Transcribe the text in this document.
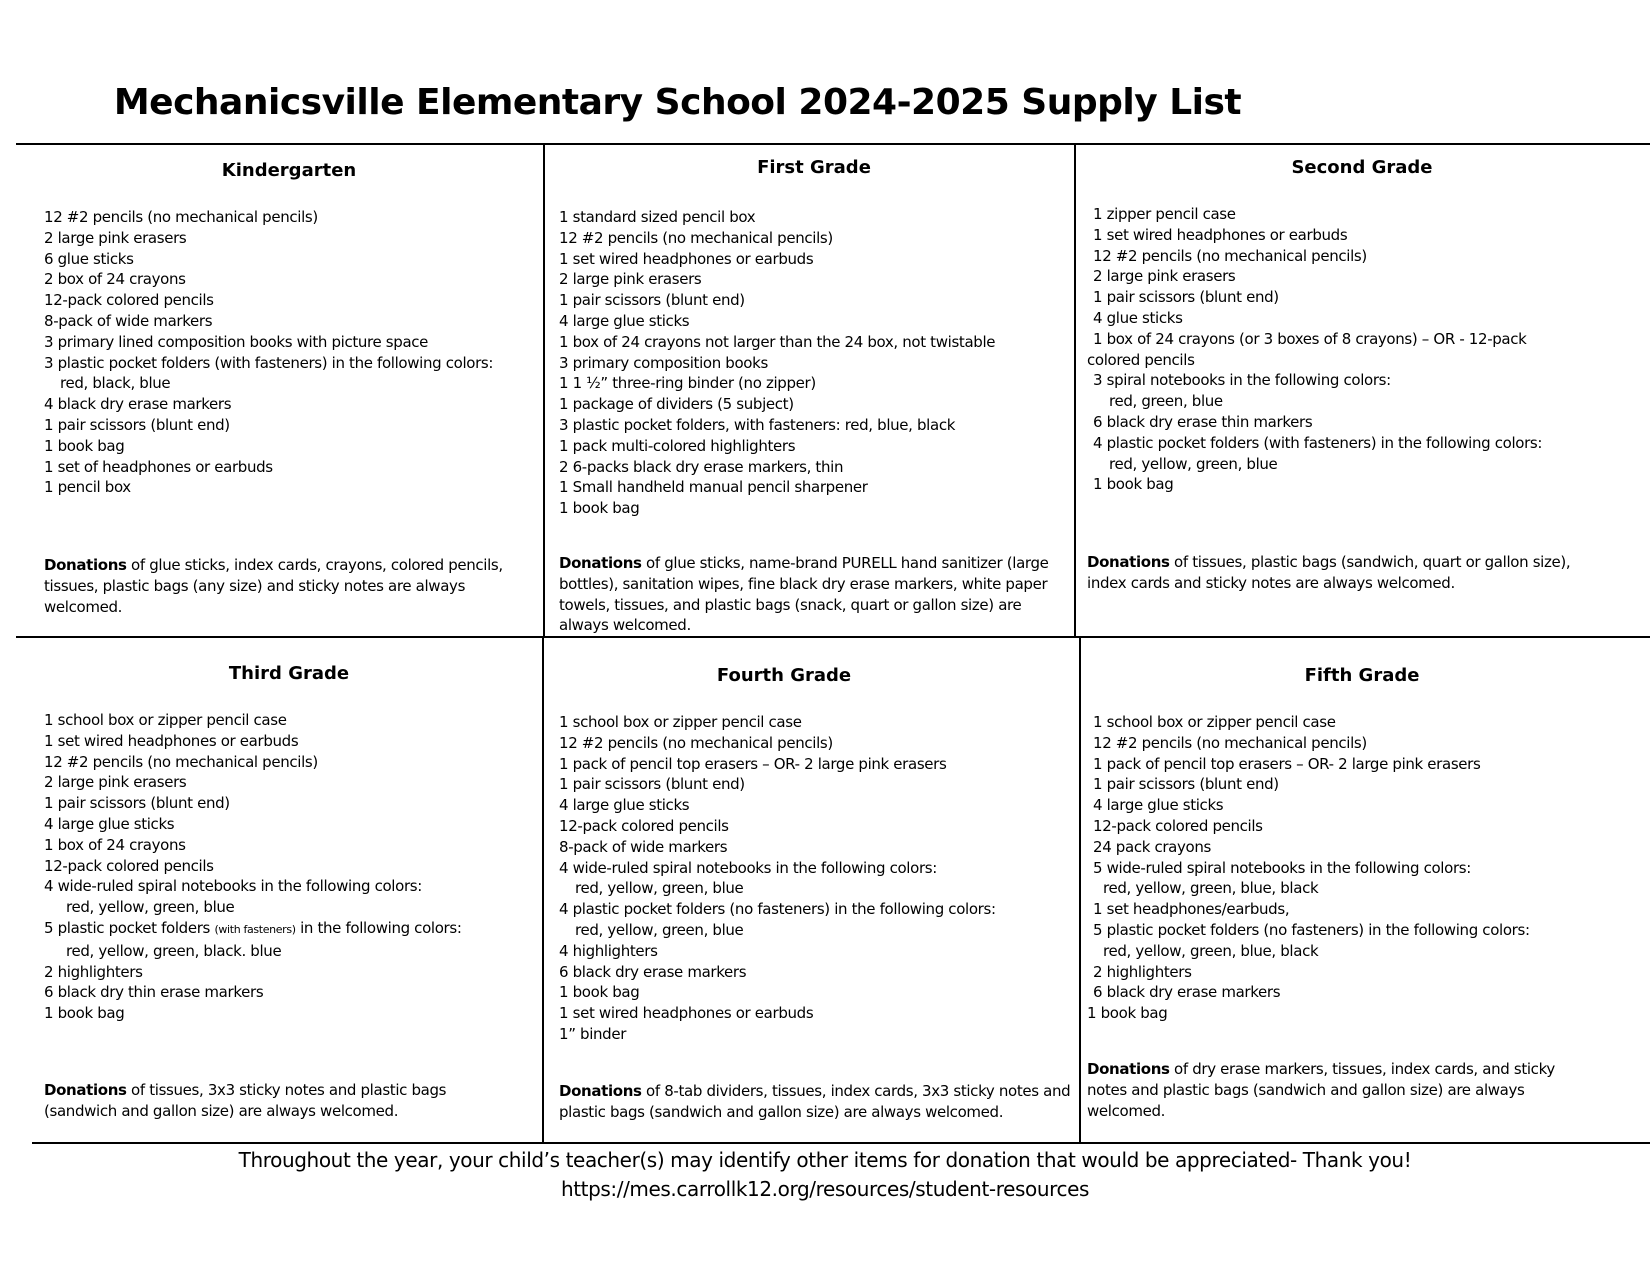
Mechanicsville Elementary School 2024-2025 Supply List
Kindergarten
12 #2 pencils (no mechanical pencils)
2 large pink erasers
6 glue sticks
2 box of 24 crayons
12-pack colored pencils
8-pack of wide markers
3 primary lined composition books with picture space
3 plastic pocket folders (with fasteners) in the following colors:
red, black, blue
4 black dry erase markers
1 pair scissors (blunt end)
1 book bag
1 set of headphones or earbuds
1 pencil box

Donations of glue sticks, index cards, crayons, colored pencils, tissues, plastic bags (any size) and sticky notes are always welcomed.

First Grade
1 standard sized pencil box
12 #2 pencils (no mechanical pencils)
1 set wired headphones or earbuds
2 large pink erasers
1 pair scissors (blunt end)
4 large glue sticks
1 box of 24 crayons not larger than the 24 box, not twistable
3 primary composition books
1 1 ½” three-ring binder (no zipper)
1 package of dividers (5 subject)
3 plastic pocket folders, with fasteners: red, blue, black
1 pack multi-colored highlighters
2 6-packs black dry erase markers, thin
1 Small handheld manual pencil sharpener
1 book bag

Donations of glue sticks, name-brand PURELL hand sanitizer (large bottles), sanitation wipes, fine black dry erase markers, white paper towels, tissues, and plastic bags (snack, quart or gallon size) are always welcomed.

Second Grade
1 zipper pencil case
1 set wired headphones or earbuds
12 #2 pencils (no mechanical pencils)
2 large pink erasers
1 pair scissors (blunt end)
4 glue sticks
1 box of 24 crayons (or 3 boxes of 8 crayons) – OR - 12-pack
colored pencils
3 spiral notebooks in the following colors:
red, green, blue
6 black dry erase thin markers
4 plastic pocket folders (with fasteners) in the following colors:
red, yellow, green, blue
1 book bag

Donations of tissues, plastic bags (sandwich, quart or gallon size), index cards and sticky notes are always welcomed.

Third Grade
1 school box or zipper pencil case
1 set wired headphones or earbuds
12 #2 pencils (no mechanical pencils)
2 large pink erasers
1 pair scissors (blunt end)
4 large glue sticks
1 box of 24 crayons
12-pack colored pencils
4 wide-ruled spiral notebooks in the following colors:
red, yellow, green, blue
5 plastic pocket folders (with fasteners) in the following colors:
red, yellow, green, black. blue
2 highlighters
6 black dry thin erase markers
1 book bag

Donations of tissues, 3x3 sticky notes and plastic bags (sandwich and gallon size) are always welcomed.

Fourth Grade
1 school box or zipper pencil case
12 #2 pencils (no mechanical pencils)
1 pack of pencil top erasers – OR- 2 large pink erasers
1 pair scissors (blunt end)
4 large glue sticks
12-pack colored pencils
8-pack of wide markers
4 wide-ruled spiral notebooks in the following colors:
red, yellow, green, blue
4 plastic pocket folders (no fasteners) in the following colors:
red, yellow, green, blue
4 highlighters
6 black dry erase markers
1 book bag
1 set wired headphones or earbuds
1” binder

Donations of 8-tab dividers, tissues, index cards, 3x3 sticky notes and plastic bags (sandwich and gallon size) are always welcomed.

Fifth Grade
1 school box or zipper pencil case
12 #2 pencils (no mechanical pencils)
1 pack of pencil top erasers – OR- 2 large pink erasers
1 pair scissors (blunt end)
4 large glue sticks
12-pack colored pencils
24 pack crayons
5 wide-ruled spiral notebooks in the following colors:
red, yellow, green, blue, black
1 set headphones/earbuds,
5 plastic pocket folders (no fasteners) in the following colors:
red, yellow, green, blue, black
2 highlighters
6 black dry erase markers
1 book bag

Donations of dry erase markers, tissues, index cards, and sticky notes and plastic bags (sandwich and gallon size) are always welcomed.

Throughout the year, your child’s teacher(s) may identify other items for donation that would be appreciated- Thank you!

https://mes.carrollk12.org/resources/student-resources
